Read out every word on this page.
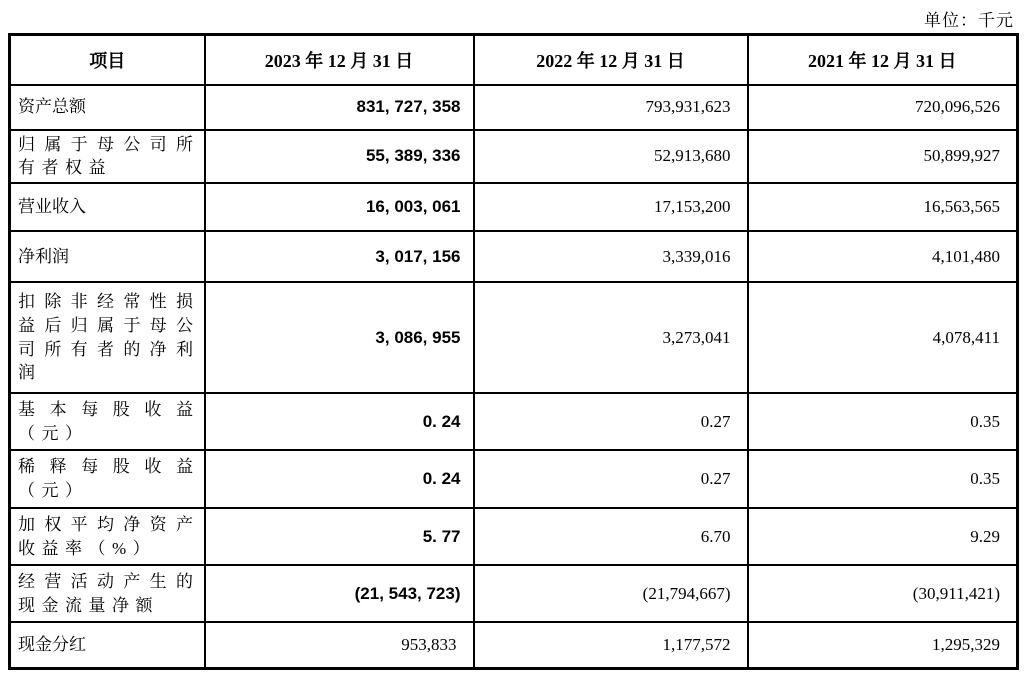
单位：千元
项目	2023 年 12 月 31 日	2022 年 12 月 31 日	2021 年 12 月 31 日
资产总额	831, 727, 358	793,931,623	720,096,526
归属于母公司所有者权益	55, 389, 336	52,913,680	50,899,927
营业收入	16, 003, 061	17,153,200	16,563,565
净利润	3, 017, 156	3,339,016	4,101,480
扣除非经常性损益后归属于母公司所有者的净利润	3, 086, 955	3,273,041	4,078,411
基本每股收益（元）	0. 24	0.27	0.35
稀释每股收益（元）	0. 24	0.27	0.35
加权平均净资产收益率（%）	5. 77	6.70	9.29
经营活动产生的现金流量净额	(21, 543, 723)	(21,794,667)	(30,911,421)
现金分红	953,833	1,177,572	1,295,329
